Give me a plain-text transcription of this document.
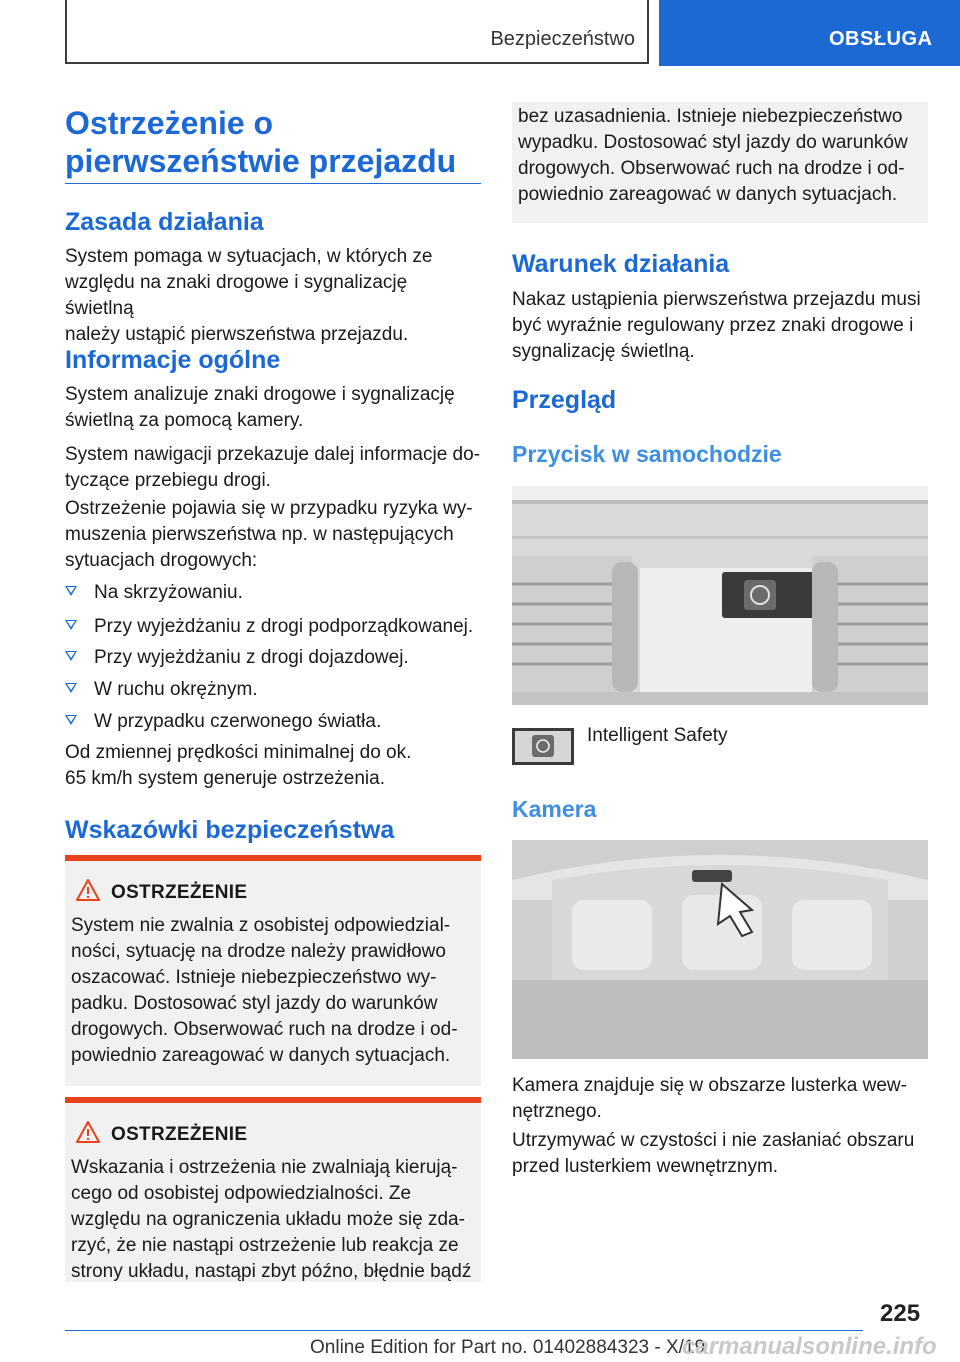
Bezpieczeństwo	OBSŁUGA
Ostrzeżenie o
pierwszeństwie przejazdu
Zasada działania

System pomaga w sytuacjach, w których ze
względu na znaki drogowe i sygnalizację świetlną
należy ustąpić pierwszeństwa przejazdu.

Informacje ogólne

System analizuje znaki drogowe i sygnalizację
świetlną za pomocą kamery.

System nawigacji przekazuje dalej informacje do-
tyczące przebiegu drogi.

Ostrzeżenie pojawia się w przypadku ryzyka wy-
muszenia pierwszeństwa np. w następujących
sytuacjach drogowych:

Na skrzyżowaniu.
Przy wyjeżdżaniu z drogi podporządkowanej.
Przy wyjeżdżaniu z drogi dojazdowej.
W ruchu okrężnym.
W przypadku czerwonego światła.

Od zmiennej prędkości minimalnej do ok.
65 km/h system generuje ostrzeżenia.

Wskazówki bezpieczeństwa
OSTRZEŻENIE
System nie zwalnia z osobistej odpowiedzial-
ności, sytuację na drodze należy prawidłowo
oszacować. Istnieje niebezpieczeństwo wy-
padku. Dostosować styl jazdy do warunków
drogowych. Obserwować ruch na drodze i od-
powiednio zareagować w danych sytuacjach.
OSTRZEŻENIE
Wskazania i ostrzeżenia nie zwalniają kierują-
cego od osobistej odpowiedzialności. Ze
względu na ograniczenia układu może się zda-
rzyć, że nie nastąpi ostrzeżenie lub reakcja ze
strony układu, nastąpi zbyt późno, błędnie bądź
bez uzasadnienia. Istnieje niebezpieczeństwo
wypadku. Dostosować styl jazdy do warunków
drogowych. Obserwować ruch na drodze i od-
powiednio zareagować w danych sytuacjach.
Warunek działania

Nakaz ustąpienia pierwszeństwa przejazdu musi
być wyraźnie regulowany przez znaki drogowe i
sygnalizację świetlną.

Przegląd
Przycisk w samochodzie
Intelligent Safety
Kamera

Kamera znajduje się w obszarze lusterka wew-
nętrznego.

Utrzymywać w czystości i nie zasłaniać obszaru
przed lusterkiem wewnętrznym.

225
Online Edition for Part no. 01402884323 - X/19
carmanualsonline.info
